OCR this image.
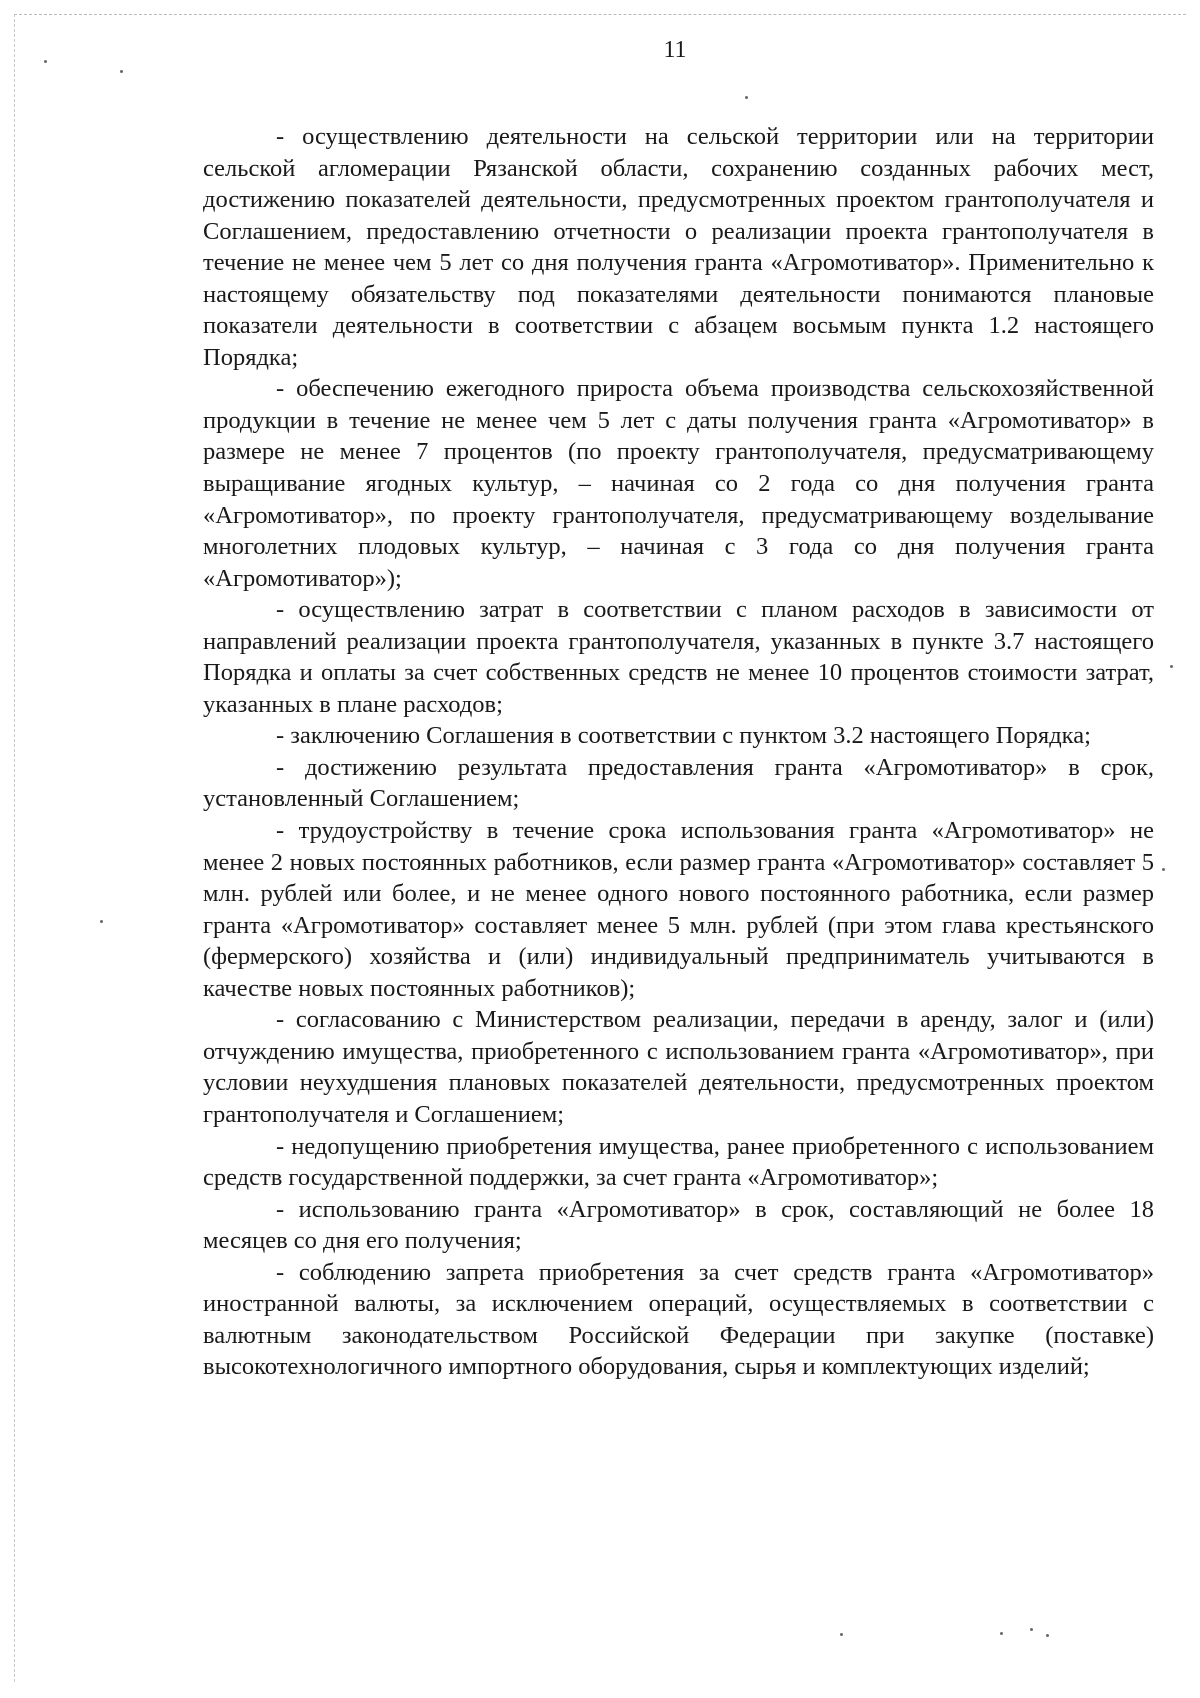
11

- осуществлению деятельности на сельской территории или на территории сельской агломерации Рязанской области, сохранению созданных рабочих мест, достижению показателей деятельности, предусмотренных проектом грантополучателя и Соглашением, предоставлению отчетности о реализации проекта грантополучателя в течение не менее чем 5 лет со дня получения гранта «Агромотиватор». Применительно к настоящему обязательству под показателями деятельности понимаются плановые показатели деятельности в соответствии с абзацем восьмым пункта 1.2 настоящего Порядка;

- обеспечению ежегодного прироста объема производства сельскохозяйственной продукции в течение не менее чем 5 лет с даты получения гранта «Агромотиватор» в размере не менее 7 процентов (по проекту грантополучателя, предусматривающему выращивание ягодных культур, – начиная со 2 года со дня получения гранта «Агромотиватор», по проекту грантополучателя, предусматривающему возделывание многолетних плодовых культур, – начиная с 3 года со дня получения гранта «Агромотиватор»);

- осуществлению затрат в соответствии с планом расходов в зависимости от направлений реализации проекта грантополучателя, указанных в пункте 3.7 настоящего Порядка и оплаты за счет собственных средств не менее 10 процентов стоимости затрат, указанных в плане расходов;

- заключению Соглашения в соответствии с пунктом 3.2 настоящего Порядка;

- достижению результата предоставления гранта «Агромотиватор» в срок, установленный Соглашением;

- трудоустройству в течение срока использования гранта «Агромотиватор» не менее 2 новых постоянных работников, если размер гранта «Агромотиватор» составляет 5 млн. рублей или более, и не менее одного нового постоянного работника, если размер гранта «Агромотиватор» составляет менее 5 млн. рублей (при этом глава крестьянского (фермерского) хозяйства и (или) индивидуальный предприниматель учитываются в качестве новых постоянных работников);

- согласованию с Министерством реализации, передачи в аренду, залог и (или) отчуждению имущества, приобретенного с использованием гранта «Агромотиватор», при условии неухудшения плановых показателей деятельности, предусмотренных проектом грантополучателя и Соглашением;

- недопущению приобретения имущества, ранее приобретенного с использованием средств государственной поддержки, за счет гранта «Агромотиватор»;

- использованию гранта «Агромотиватор» в срок, составляющий не более 18 месяцев со дня его получения;

- соблюдению запрета приобретения за счет средств гранта «Агромотиватор» иностранной валюты, за исключением операций, осуществляемых в соответствии с валютным законодательством Российской Федерации при закупке (поставке) высокотехнологичного импортного оборудования, сырья и комплектующих изделий;
